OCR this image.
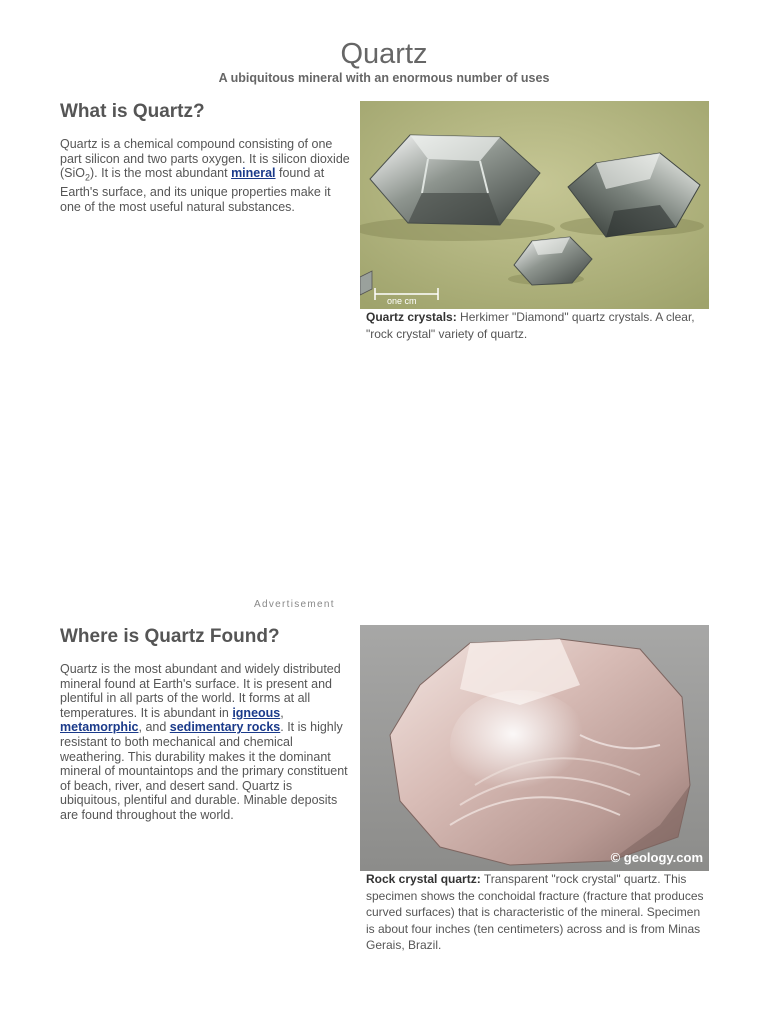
Quartz
A ubiquitous mineral with an enormous number of uses
What is Quartz?

Quartz is a chemical compound consisting of one part silicon and two parts oxygen. It is silicon dioxide (SiO$_2$). It is the most abundant mineral found at Earth's surface, and its unique properties make it one of the most useful natural substances.

one cm

Quartz crystals: Herkimer "Diamond" quartz crystals. A clear, "rock crystal" variety of quartz.

Advertisement
Where is Quartz Found?

Quartz is the most abundant and widely distributed mineral found at Earth's surface. It is present and plentiful in all parts of the world. It forms at all temperatures. It is abundant in igneous, metamorphic, and sedimentary rocks. It is highly resistant to both mechanical and chemical weathering. This durability makes it the dominant mineral of mountaintops and the primary constituent of beach, river, and desert sand. Quartz is ubiquitous, plentiful and durable. Minable deposits are found throughout the world.

© geology.com

Rock crystal quartz: Transparent "rock crystal" quartz. This specimen shows the conchoidal fracture (fracture that produces curved surfaces) that is characteristic of the mineral. Specimen is about four inches (ten centimeters) across and is from Minas Gerais, Brazil.
